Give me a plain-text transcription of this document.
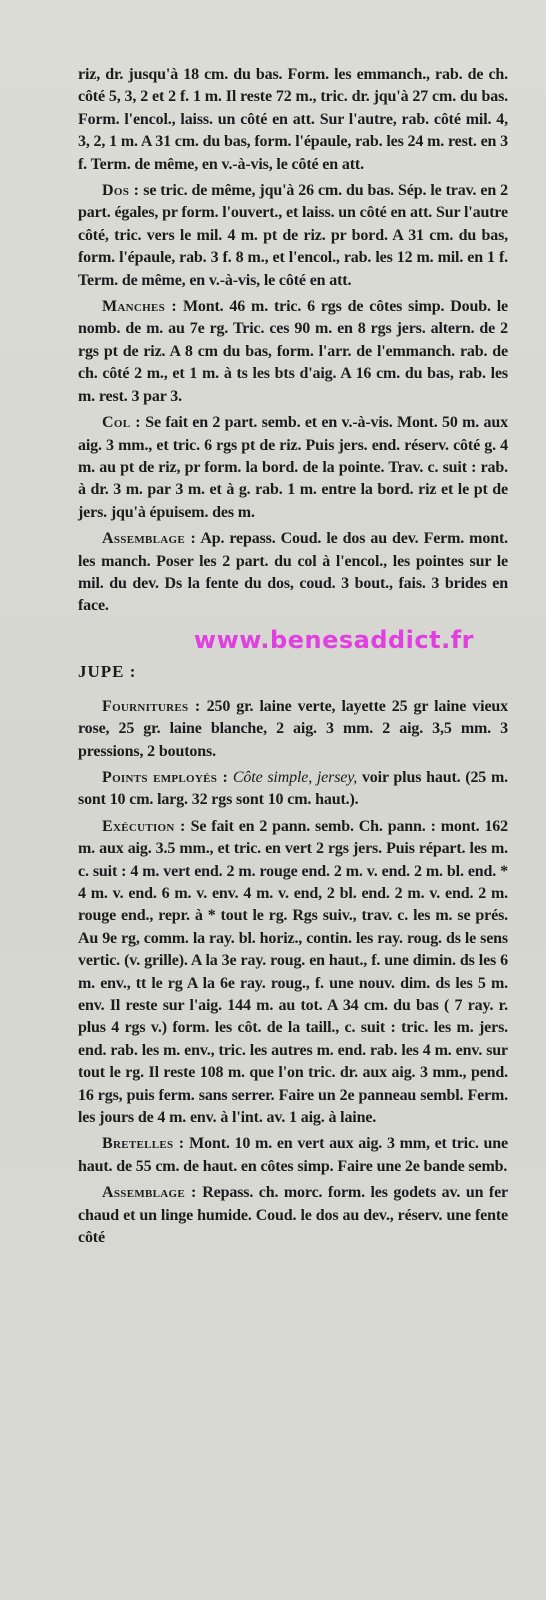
riz, dr. jusqu'à 18 cm. du bas. Form. les emmanch., rab. de ch. côté 5, 3, 2 et 2 f. 1 m. Il reste 72 m., tric. dr. jqu'à 27 cm. du bas. Form. l'encol., laiss. un côté en att. Sur l'autre, rab. côté mil. 4, 3, 2, 1 m. A 31 cm. du bas, form. l'épaule, rab. les 24 m. rest. en 3 f. Term. de même, en v.-à-vis, le côté en att.

Dos : se tric. de même, jqu'à 26 cm. du bas. Sép. le trav. en 2 part. égales, pr form. l'ouvert., et laiss. un côté en att. Sur l'autre côté, tric. vers le mil. 4 m. pt de riz. pr bord. A 31 cm. du bas, form. l'épaule, rab. 3 f. 8 m., et l'encol., rab. les 12 m. mil. en 1 f. Term. de même, en v.-à-vis, le côté en att.

Manches : Mont. 46 m. tric. 6 rgs de côtes simp. Doub. le nomb. de m. au 7e rg. Tric. ces 90 m. en 8 rgs jers. altern. de 2 rgs pt de riz. A 8 cm du bas, form. l'arr. de l'emmanch. rab. de ch. côté 2 m., et 1 m. à ts les bts d'aig. A 16 cm. du bas, rab. les m. rest. 3 par 3.

Col : Se fait en 2 part. semb. et en v.-à-vis. Mont. 50 m. aux aig. 3 mm., et tric. 6 rgs pt de riz. Puis jers. end. réserv. côté g. 4 m. au pt de riz, pr form. la bord. de la pointe. Trav. c. suit : rab. à dr. 3 m. par 3 m. et à g. rab. 1 m. entre la bord. riz et le pt de jers. jqu'à épuisem. des m.

Assemblage : Ap. repass. Coud. le dos au dev. Ferm. mont. les manch. Poser les 2 part. du col à l'encol., les pointes sur le mil. du dev. Ds la fente du dos, coud. 3 bout., fais. 3 brides en face.

www.benesaddict.fr
JUPE :

Fournitures : 250 gr. laine verte, layette 25 gr laine vieux rose, 25 gr. laine blanche, 2 aig. 3 mm. 2 aig. 3,5 mm. 3 pressions, 2 boutons.

Points employés : Côte simple, jersey, voir plus haut. (25 m. sont 10 cm. larg. 32 rgs sont 10 cm. haut.).

Exécution : Se fait en 2 pann. semb. Ch. pann. : mont. 162 m. aux aig. 3.5 mm., et tric. en vert 2 rgs jers. Puis répart. les m. c. suit : 4 m. vert end. 2 m. rouge end. 2 m. v. end. 2 m. bl. end. * 4 m. v. end. 6 m. v. env. 4 m. v. end, 2 bl. end. 2 m. v. end. 2 m. rouge end., repr. à * tout le rg. Rgs suiv., trav. c. les m. se prés. Au 9e rg, comm. la ray. bl. horiz., contin. les ray. roug. ds le sens vertic. (v. grille). A la 3e ray. roug. en haut., f. une dimin. ds les 6 m. env., tt le rg A la 6e ray. roug., f. une nouv. dim. ds les 5 m. env. Il reste sur l'aig. 144 m. au tot. A 34 cm. du bas ( 7 ray. r. plus 4 rgs v.) form. les côt. de la taill., c. suit : tric. les m. jers. end. rab. les m. env., tric. les autres m. end. rab. les 4 m. env. sur tout le rg. Il reste 108 m. que l'on tric. dr. aux aig. 3 mm., pend. 16 rgs, puis ferm. sans serrer. Faire un 2e panneau sembl. Ferm. les jours de 4 m. env. à l'int. av. 1 aig. à laine.

Bretelles : Mont. 10 m. en vert aux aig. 3 mm, et tric. une haut. de 55 cm. de haut. en côtes simp. Faire une 2e bande semb.

Assemblage : Repass. ch. morc. form. les godets av. un fer chaud et un linge humide. Coud. le dos au dev., réserv. une fente côté
